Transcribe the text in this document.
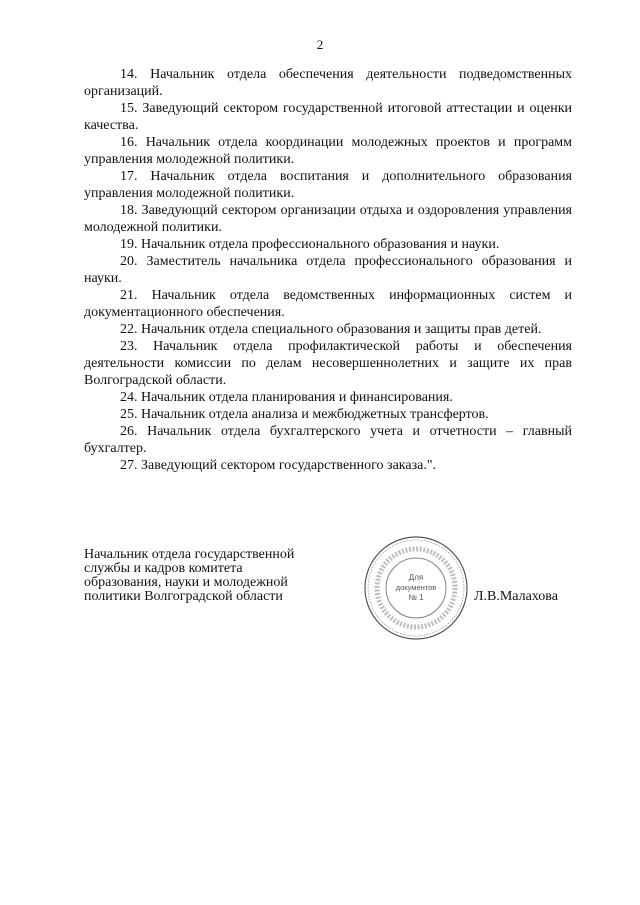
2

14. Начальник отдела обеспечения деятельности подведомственных организаций.

15. Заведующий сектором государственной итоговой аттестации и оценки качества.

16. Начальник отдела координации молодежных проектов и программ управления молодежной политики.

17. Начальник отдела воспитания и дополнительного образования управления молодежной политики.

18. Заведующий сектором организации отдыха и оздоровления управления молодежной политики.

19. Начальник отдела профессионального образования и науки.

20. Заместитель начальника отдела профессионального образования и науки.

21. Начальник отдела ведомственных информационных систем и документационного обеспечения.

22. Начальник отдела специального образования и защиты прав детей.

23. Начальник отдела профилактической работы и обеспечения деятельности комиссии по делам несовершеннолетних и защите их прав Волгоградской области.

24. Начальник отдела планирования и финансирования.

25. Начальник отдела анализа и межбюджетных трансфертов.

26. Начальник отдела бухгалтерского учета и отчетности – главный бухгалтер.

27. Заведующий сектором государственного заказа.".

Начальник отдела государственной
службы и кадров комитета
образования, науки и молодежной
политики Волгоградской области
Для
документов
№ 1	Л.В.Малахова
